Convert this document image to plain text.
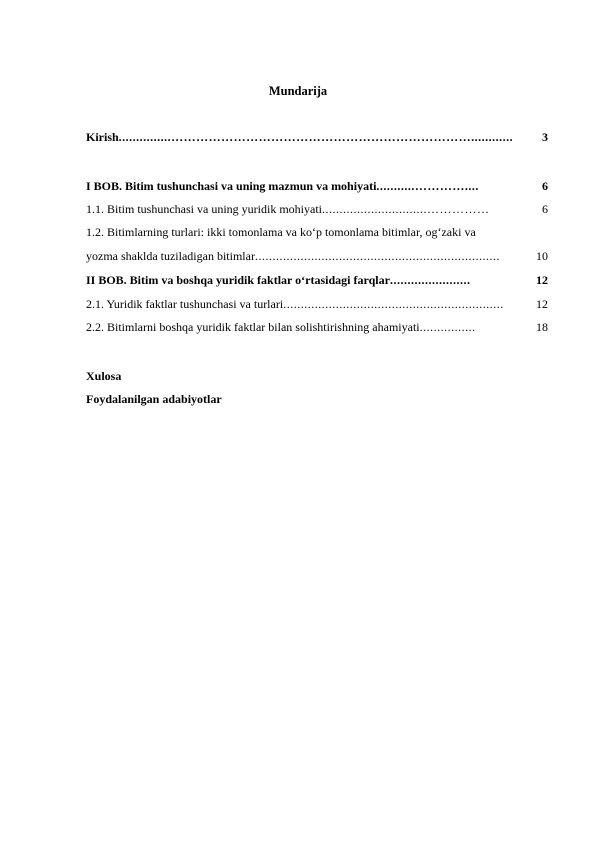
Mundarija
Kirish ...............………………………………………………………………............	3
I BOB. Bitim tushunchasi va uning mazmun va mohiyati ...........…………....	6
1.1. Bitim tushunchasi va uning yuridik mohiyati ..............................……………	6
1.2. Bitimlarning turlari: ikki tomonlama va ko‘p tomonlama bitimlar, og‘zaki va
yozma shaklda tuziladigan bitimlar ......................................................................	10
II BOB. Bitim va boshqa yuridik faktlar o‘rtasidagi farqlar .......................	12
2.1. Yuridik faktlar tushunchasi va turlari ...............................................................	12
2.2. Bitimlarni boshqa yuridik faktlar bilan solishtirishning ahamiyati ................	18
Xulosa
Foydalanilgan adabiyotlar
